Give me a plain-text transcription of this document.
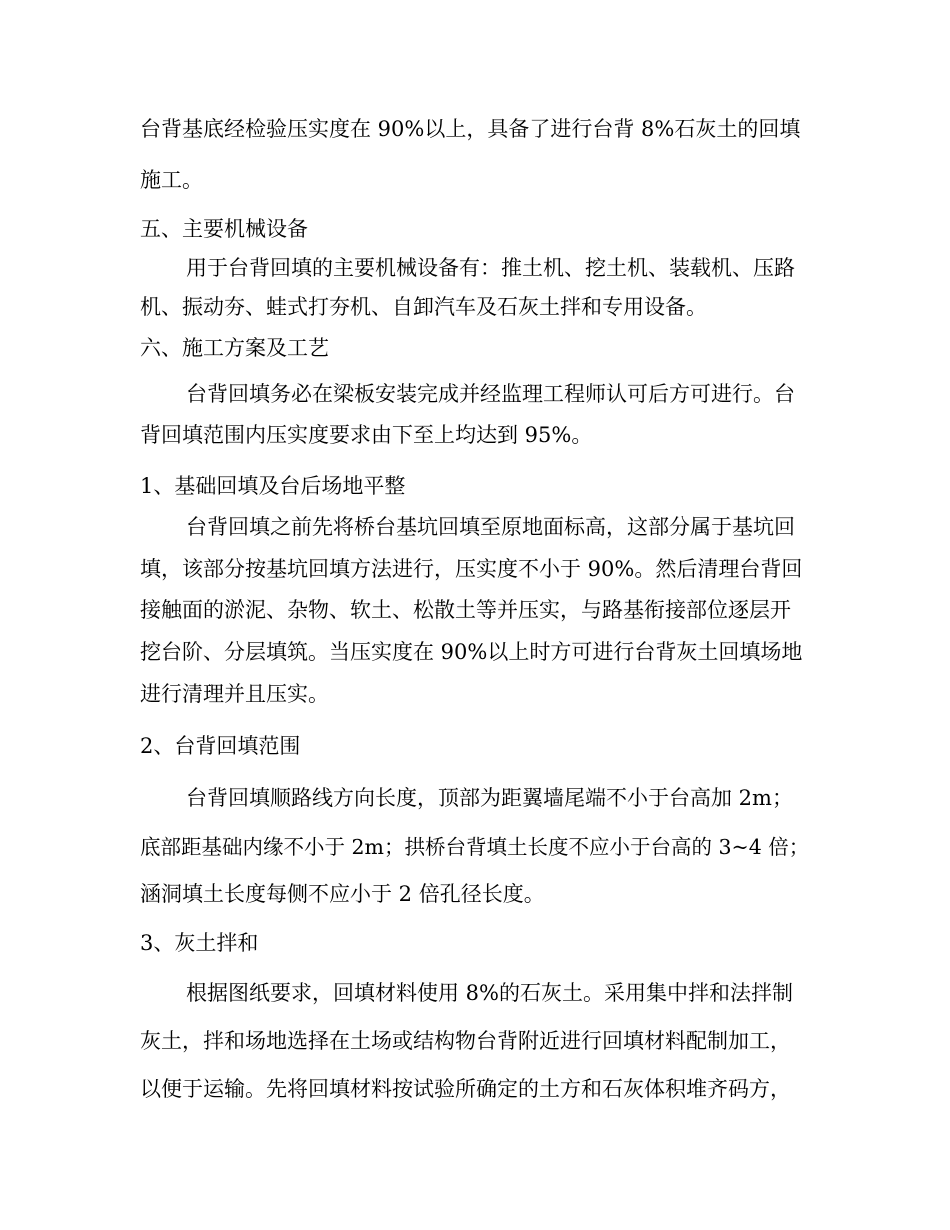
台背基底经检验压实度在 90%以上，具备了进行台背 8%石灰土的回填
施工。
五、主要机械设备
用于台背回填的主要机械设备有：推土机、挖土机、装载机、压路
机、振动夯、蛙式打夯机、自卸汽车及石灰土拌和专用设备。
六、施工方案及工艺
台背回填务必在梁板安装完成并经监理工程师认可后方可进行。台
背回填范围内压实度要求由下至上均达到 95%。
1、基础回填及台后场地平整
台背回填之前先将桥台基坑回填至原地面标高，这部分属于基坑回
填，该部分按基坑回填方法进行，压实度不小于 90%。然后清理台背回
接触面的淤泥、杂物、软土、松散土等并压实，与路基衔接部位逐层开
挖台阶、分层填筑。当压实度在 90%以上时方可进行台背灰土回填场地
进行清理并且压实。
2、台背回填范围
台背回填顺路线方向长度，顶部为距翼墙尾端不小于台高加 2m；
底部距基础内缘不小于 2m；拱桥台背填土长度不应小于台高的 3~4 倍；
涵洞填土长度每侧不应小于 2 倍孔径长度。
3、灰土拌和
根据图纸要求，回填材料使用 8%的石灰土。采用集中拌和法拌制
灰土，拌和场地选择在土场或结构物台背附近进行回填材料配制加工，
以便于运输。先将回填材料按试验所确定的土方和石灰体积堆齐码方，
